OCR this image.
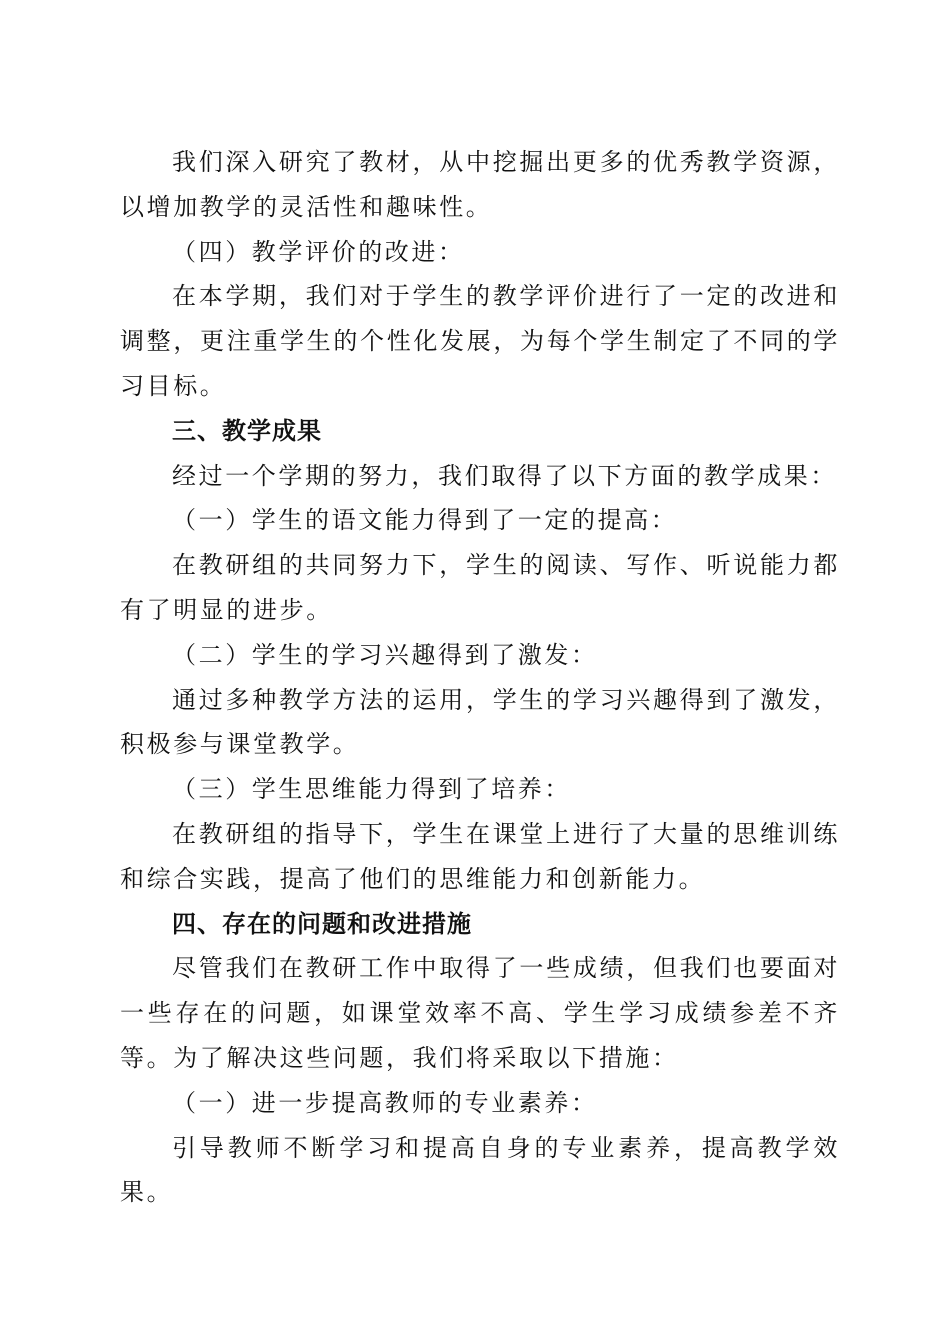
我们深入研究了教材，从中挖掘出更多的优秀教学资源，以增加教学的灵活性和趣味性。

（四）教学评价的改进：

在本学期，我们对于学生的教学评价进行了一定的改进和调整，更注重学生的个性化发展，为每个学生制定了不同的学习目标。

三、教学成果

经过一个学期的努力，我们取得了以下方面的教学成果：

（一）学生的语文能力得到了一定的提高：

在教研组的共同努力下，学生的阅读、写作、听说能力都有了明显的进步。

（二）学生的学习兴趣得到了激发：

通过多种教学方法的运用，学生的学习兴趣得到了激发，积极参与课堂教学。

（三）学生思维能力得到了培养：

在教研组的指导下，学生在课堂上进行了大量的思维训练和综合实践，提高了他们的思维能力和创新能力。

四、存在的问题和改进措施

尽管我们在教研工作中取得了一些成绩，但我们也要面对一些存在的问题，如课堂效率不高、学生学习成绩参差不齐等。为了解决这些问题，我们将采取以下措施：

（一）进一步提高教师的专业素养：

引导教师不断学习和提高自身的专业素养，提高教学效果。
